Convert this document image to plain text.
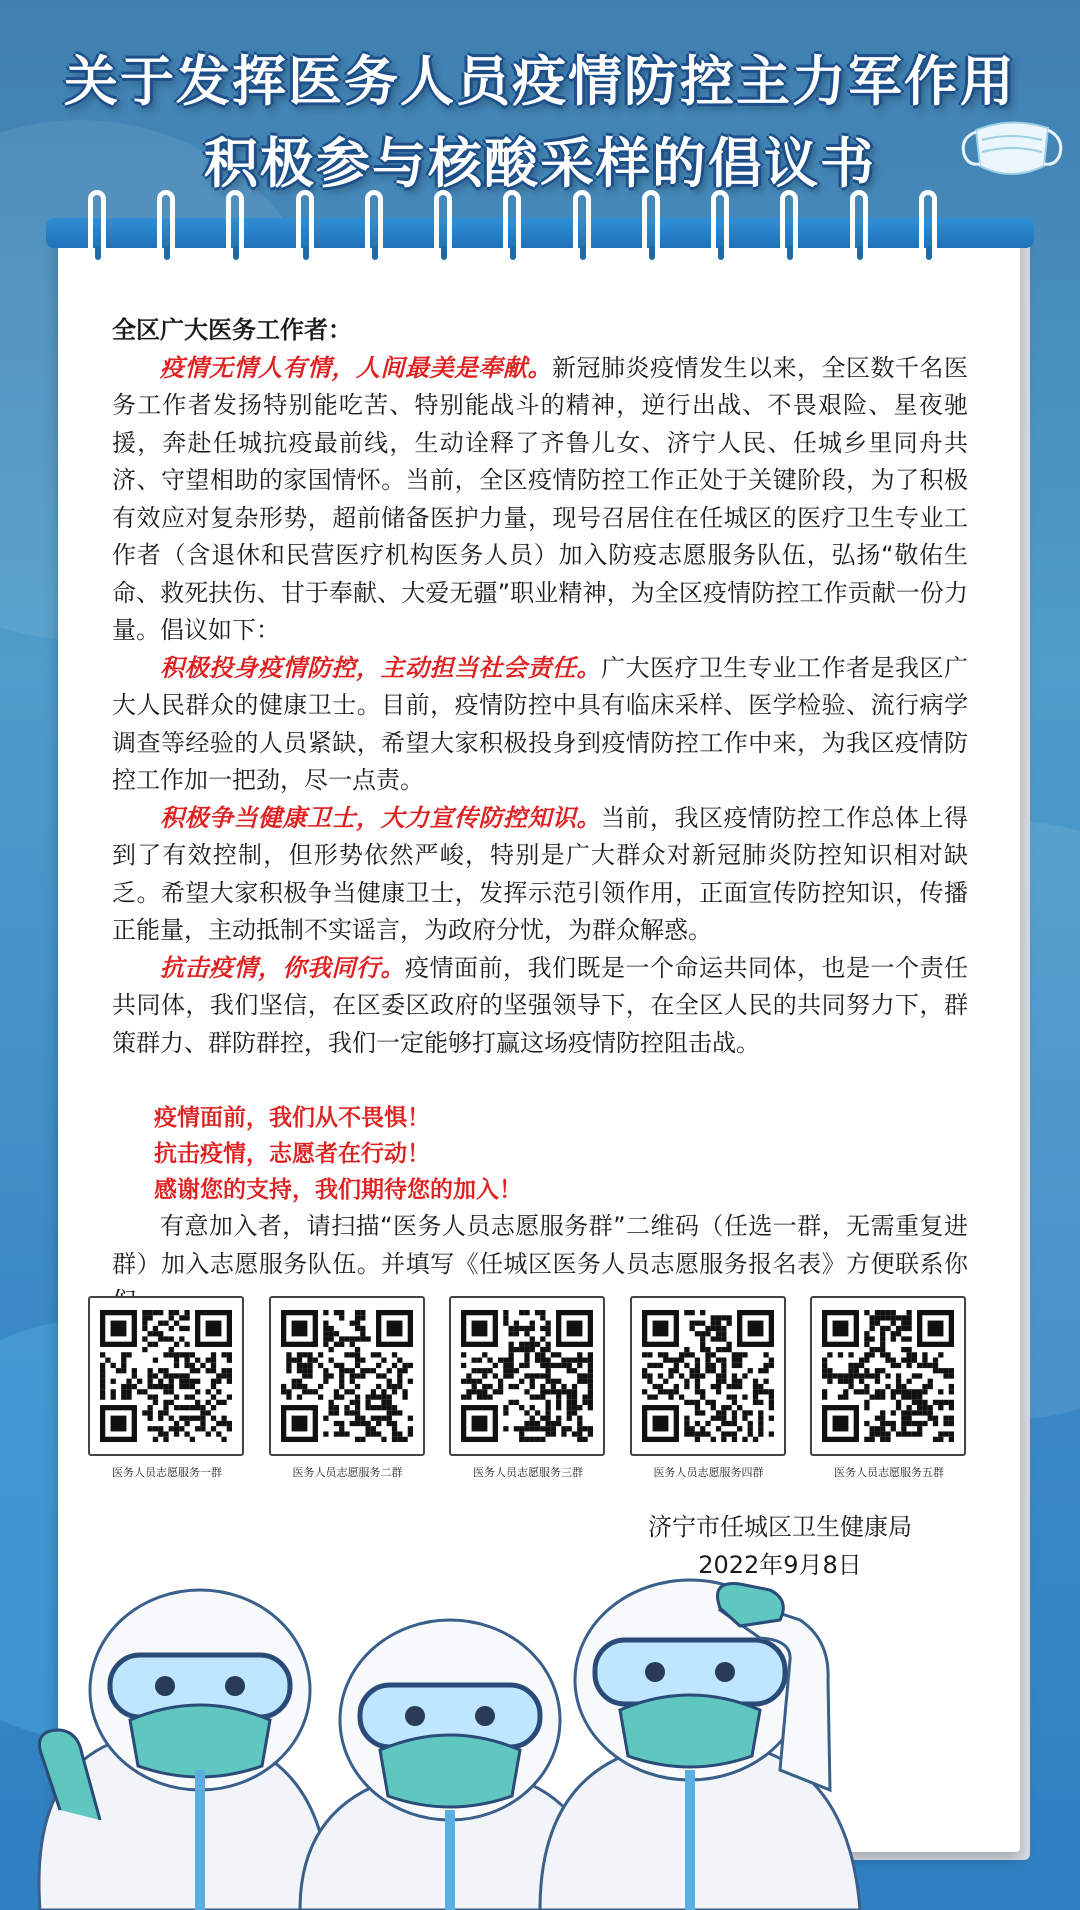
关于发挥医务人员疫情防控主力军作用
积极参与核酸采样的倡议书

全区广大医务工作者：

疫情无情人有情，人间最美是奉献。新冠肺炎疫情发生以来，全区数千名医务工作者发扬特别能吃苦、特别能战斗的精神，逆行出战、不畏艰险、星夜驰援，奔赴任城抗疫最前线，生动诠释了齐鲁儿女、济宁人民、任城乡里同舟共济、守望相助的家国情怀。当前，全区疫情防控工作正处于关键阶段，为了积极有效应对复杂形势，超前储备医护力量，现号召居住在任城区的医疗卫生专业工作者（含退休和民营医疗机构医务人员）加入防疫志愿服务队伍，弘扬“敬佑生命、救死扶伤、甘于奉献、大爱无疆”职业精神，为全区疫情防控工作贡献一份力量。倡议如下：

积极投身疫情防控，主动担当社会责任。广大医疗卫生专业工作者是我区广大人民群众的健康卫士。目前，疫情防控中具有临床采样、医学检验、流行病学调查等经验的人员紧缺，希望大家积极投身到疫情防控工作中来，为我区疫情防控工作加一把劲，尽一点责。

积极争当健康卫士，大力宣传防控知识。当前，我区疫情防控工作总体上得到了有效控制，但形势依然严峻，特别是广大群众对新冠肺炎防控知识相对缺乏。希望大家积极争当健康卫士，发挥示范引领作用，正面宣传防控知识，传播正能量，主动抵制不实谣言，为政府分忧，为群众解惑。

抗击疫情，你我同行。疫情面前，我们既是一个命运共同体，也是一个责任共同体，我们坚信，在区委区政府的坚强领导下，在全区人民的共同努力下，群策群力、群防群控，我们一定能够打赢这场疫情防控阻击战。

疫情面前，我们从不畏惧！
抗击疫情，志愿者在行动！
感谢您的支持，我们期待您的加入！

有意加入者，请扫描“医务人员志愿服务群”二维码（任选一群，无需重复进群）加入志愿服务队伍。并填写《任城区医务人员志愿服务报名表》方便联系你

医务人员志愿服务一群	医务人员志愿服务二群	医务人员志愿服务三群	医务人员志愿服务四群	医务人员志愿服务五群
济宁市任城区卫生健康局
2022年9月8日
